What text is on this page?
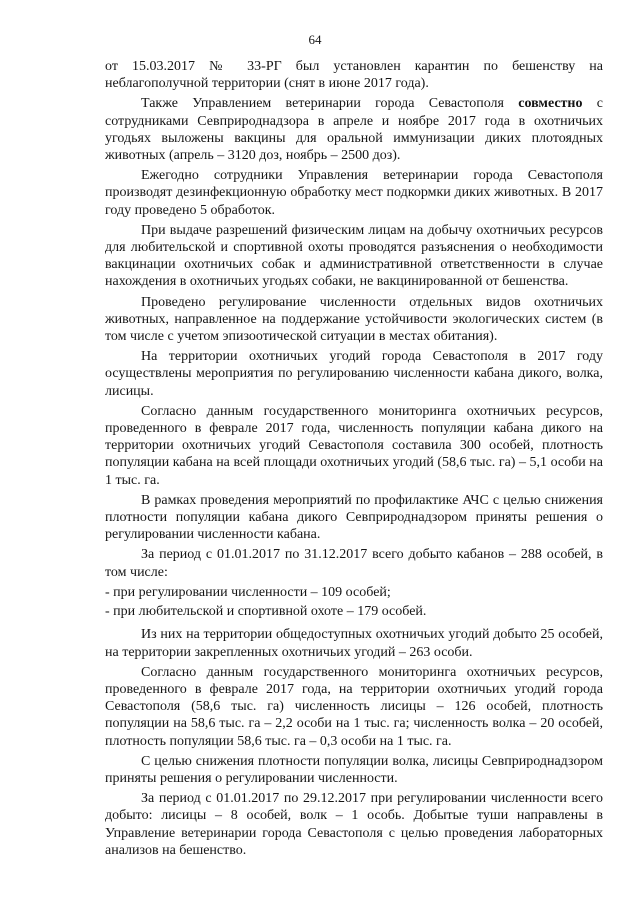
64

от 15.03.2017 № 33-РГ был установлен карантин по бешенству на неблагополучной территории (снят в июне 2017 года).

Также Управлением ветеринарии города Севастополя совместно с сотрудниками Севприроднадзора в апреле и ноябре 2017 года в охотничьих угодьях выложены вакцины для оральной иммунизации диких плотоядных животных (апрель – 3120 доз, ноябрь – 2500 доз).

Ежегодно сотрудники Управления ветеринарии города Севастополя производят дезинфекционную обработку мест подкормки диких животных. В 2017 году проведено 5 обработок.

При выдаче разрешений физическим лицам на добычу охотничьих ресурсов для любительской и спортивной охоты проводятся разъяснения о необходимости вакцинации охотничьих собак и административной ответственности в случае нахождения в охотничьих угодьях собаки, не вакцинированной от бешенства.

Проведено регулирование численности отдельных видов охотничьих животных, направленное на поддержание устойчивости экологических систем (в том числе с учетом эпизоотической ситуации в местах обитания).

На территории охотничьих угодий города Севастополя в 2017 году осуществлены мероприятия по регулированию численности кабана дикого, волка, лисицы.

Согласно данным государственного мониторинга охотничьих ресурсов, проведенного в феврале 2017 года, численность популяции кабана дикого на территории охотничьих угодий Севастополя составила 300 особей, плотность популяции кабана на всей площади охотничьих угодий (58,6 тыс. га) – 5,1 особи на 1 тыс. га.

В рамках проведения мероприятий по профилактике АЧС с целью снижения плотности популяции кабана дикого Севприроднадзором приняты решения о регулировании численности кабана.

За период с 01.01.2017 по 31.12.2017 всего добыто кабанов – 288 особей, в том числе:

- при регулировании численности – 109 особей;

- при любительской и спортивной охоте – 179 особей.

Из них на территории общедоступных охотничьих угодий добыто 25 особей, на территории закрепленных охотничьих угодий – 263 особи.

Согласно данным государственного мониторинга охотничьих ресурсов, проведенного в феврале 2017 года, на территории охотничьих угодий города Севастополя (58,6 тыс. га) численность лисицы – 126 особей, плотность популяции на 58,6 тыс. га – 2,2 особи на 1 тыс. га; численность волка – 20 особей, плотность популяции 58,6 тыс. га – 0,3 особи на 1 тыс. га.

С целью снижения плотности популяции волка, лисицы Севприроднадзором приняты решения о регулировании численности.

За период с 01.01.2017 по 29.12.2017 при регулировании численности всего добыто: лисицы – 8 особей, волк – 1 особь. Добытые туши направлены в Управление ветеринарии города Севастополя с целью проведения лабораторных анализов на бешенство.
